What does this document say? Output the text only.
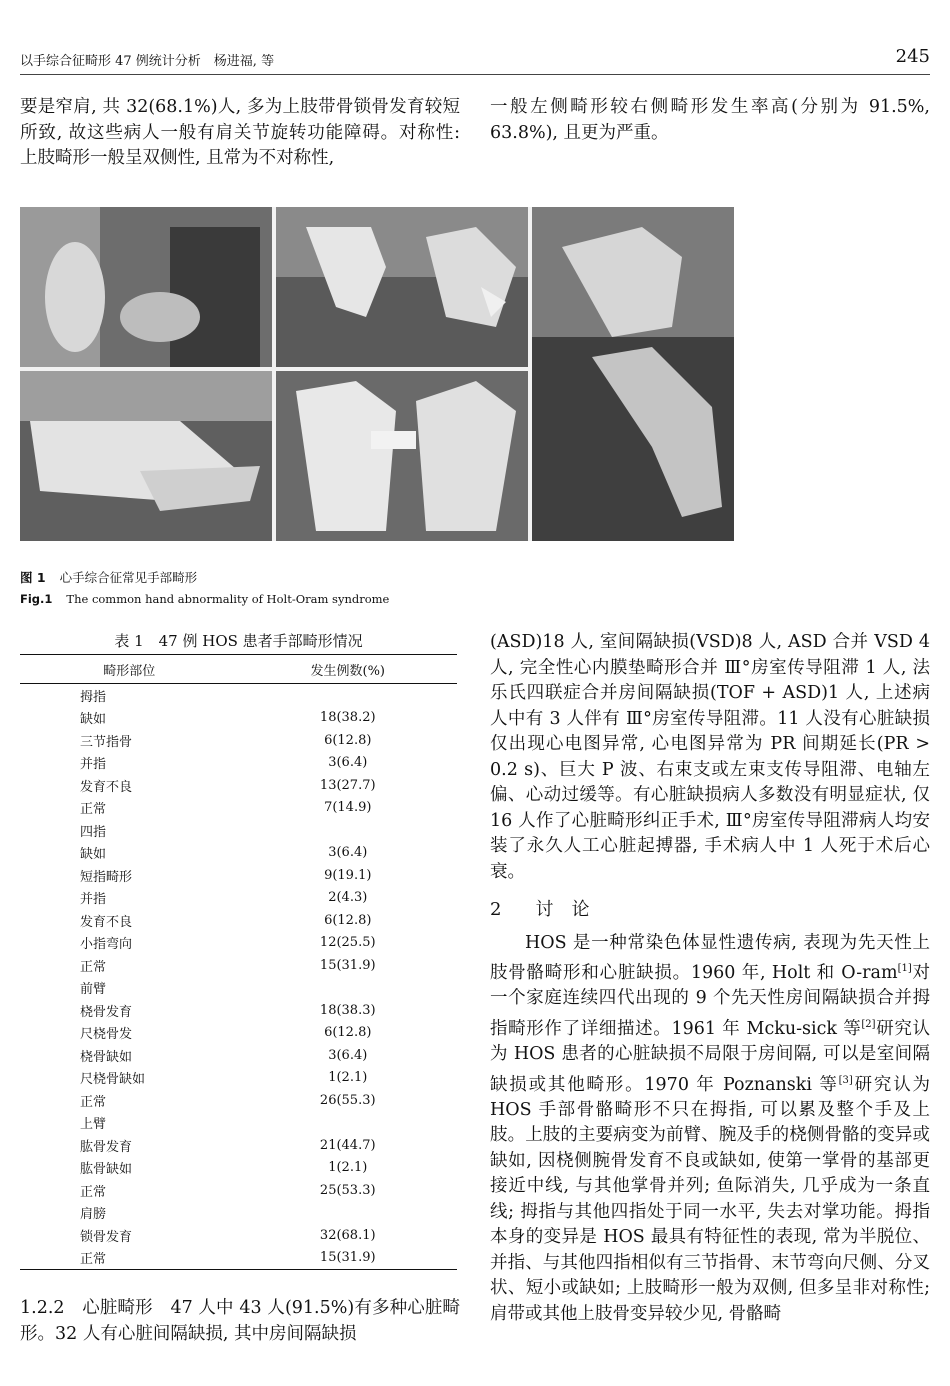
以手综合征畸形 47 例统计分析　杨进福, 等	245

要是窄肩, 共 32(68.1%)人, 多为上肢带骨锁骨发育较短所致, 故这些病人一般有肩关节旋转功能障碍。对称性: 上肢畸形一般呈双侧性, 且常为不对称性,

一般左侧畸形较右侧畸形发生率高(分别为 91.5%, 63.8%), 且更为严重。

图 1 心手综合征常见手部畸形
Fig.1 The common hand abnormality of Holt-Oram syndrome
表 1　47 例 HOS 患者手部畸形情况
畸形部位	发生例数(%)
拇指	
缺如	18(38.2)
三节指骨	6(12.8)
并指	3(6.4)
发育不良	13(27.7)
正常	7(14.9)
四指	
缺如	3(6.4)
短指畸形	9(19.1)
并指	2(4.3)
发育不良	6(12.8)
小指弯向	12(25.5)
正常	15(31.9)
前臂	
桡骨发育	18(38.3)
尺桡骨发	6(12.8)
桡骨缺如	3(6.4)
尺桡骨缺如	1(2.1)
正常	26(55.3)
上臂	
肱骨发育	21(44.7)
肱骨缺如	1(2.1)
正常	25(53.3)
肩膀	
锁骨发育	32(68.1)
正常	15(31.9)

1.2.2　心脏畸形　47 人中 43 人(91.5%)有多种心脏畸形。32 人有心脏间隔缺损, 其中房间隔缺损

(ASD)18 人, 室间隔缺损(VSD)8 人, ASD 合并 VSD 4 人, 完全性心内膜垫畸形合并 Ⅲ°房室传导阻滞 1 人, 法乐氏四联症合并房间隔缺损(TOF + ASD)1 人, 上述病人中有 3 人伴有 Ⅲ°房室传导阻滞。11 人没有心脏缺损仅出现心电图异常, 心电图异常为 PR 间期延长(PR > 0.2 s)、巨大 P 波、右束支或左束支传导阻滞、电轴左偏、心动过缓等。有心脏缺损病人多数没有明显症状, 仅 16 人作了心脏畸形纠正手术, Ⅲ°房室传导阻滞病人均安装了永久人工心脏起搏器, 手术病人中 1 人死于术后心衰。

2 讨　论

HOS 是一种常染色体显性遗传病, 表现为先天性上肢骨骼畸形和心脏缺损。1960 年, Holt 和 O-ram[1]对一个家庭连续四代出现的 9 个先天性房间隔缺损合并拇指畸形作了详细描述。1961 年 Mcku-sick 等[2]研究认为 HOS 患者的心脏缺损不局限于房间隔, 可以是室间隔缺损或其他畸形。1970 年 Poznanski 等[3]研究认为 HOS 手部骨骼畸形不只在拇指, 可以累及整个手及上肢。上肢的主要病变为前臂、腕及手的桡侧骨骼的变异或缺如, 因桡侧腕骨发育不良或缺如, 使第一掌骨的基部更接近中线, 与其他掌骨并列; 鱼际消失, 几乎成为一条直线; 拇指与其他四指处于同一水平, 失去对掌功能。拇指本身的变异是 HOS 最具有特征性的表现, 常为半脱位、并指、与其他四指相似有三节指骨、末节弯向尺侧、分叉状、短小或缺如; 上肢畸形一般为双侧, 但多呈非对称性; 肩带或其他上肢骨变异较少见, 骨骼畸
